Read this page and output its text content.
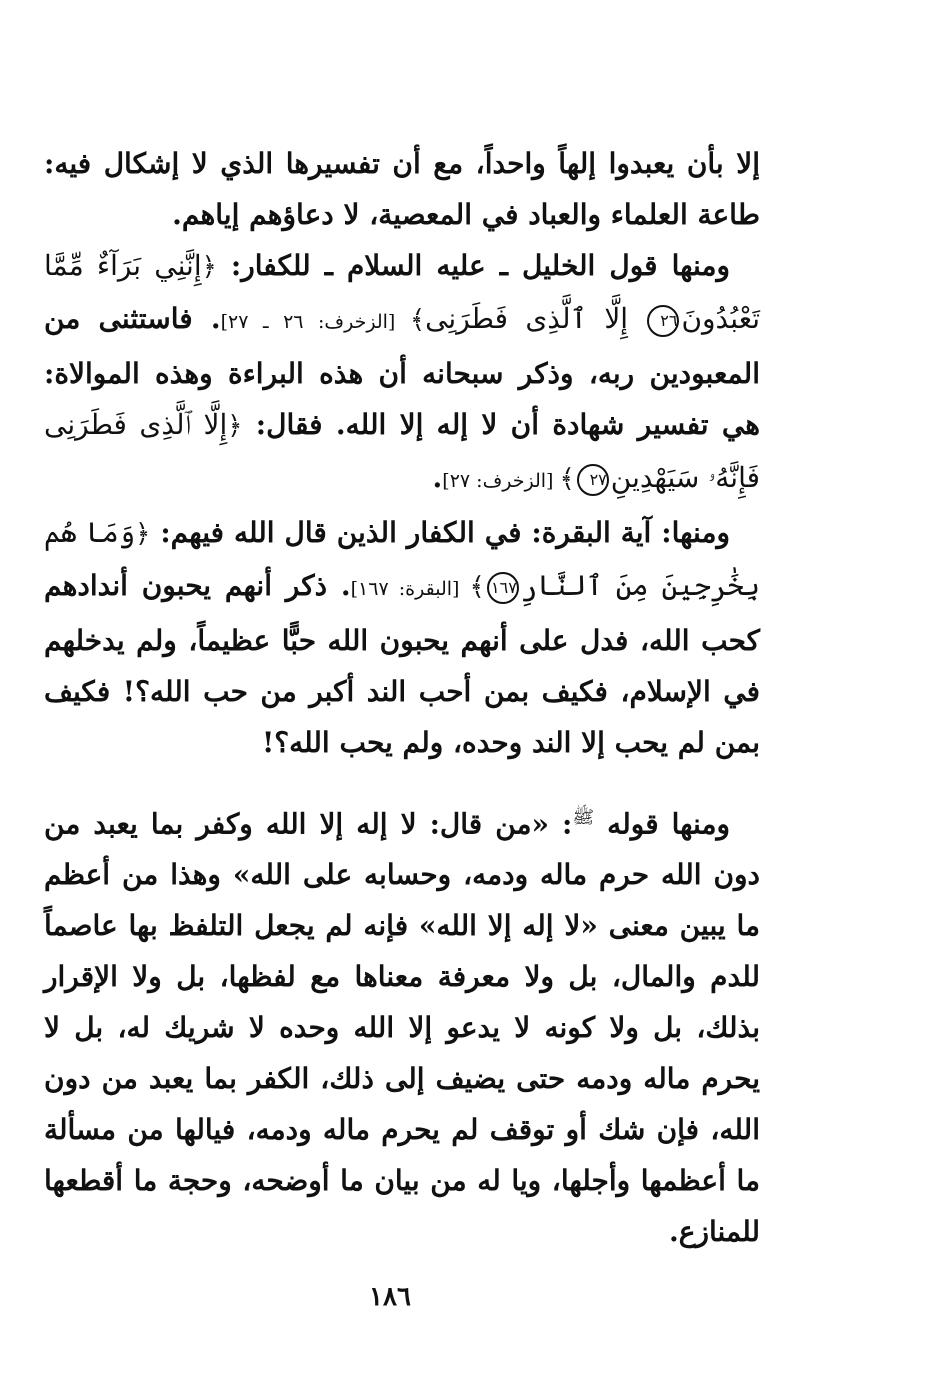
إلا بأن يعبدوا إلهاً واحداً، مع أن تفسيرها الذي لا إشكال فيه: طاعة العلماء والعباد في المعصية، لا دعاؤهم إياهم.

ومنها قول الخليل ـ عليه السلام ـ للكفار: ﴿إِنَّنِي بَرَآءٌ مِّمَّا تَعْبُدُونَ٢٦ إِلَّا ٱلَّذِى فَطَرَنِى﴾ [الزخرف: ٢٦ ـ ٢٧]. فاستثنى من المعبودين ربه، وذكر سبحانه أن هذه البراءة وهذه الموالاة: هي تفسير شهادة أن لا إله إلا الله. فقال: ﴿إِلَّا ٱلَّذِى فَطَرَنِى فَإِنَّهُۥ سَيَهْدِينِ٢٧﴾ [الزخرف: ٢٧].

ومنها: آية البقرة: في الكفار الذين قال الله فيهم: ﴿وَمَا هُم بِخَٰرِجِينَ مِنَ ٱلنَّارِ١٦٧﴾ [البقرة: ١٦٧]. ذكر أنهم يحبون أندادهم كحب الله، فدل على أنهم يحبون الله حبًّا عظيماً، ولم يدخلهم في الإسلام، فكيف بمن أحب الند أكبر من حب الله؟! فكيف بمن لم يحب إلا الند وحده، ولم يحب الله؟!

ومنها قوله $^ﷺ$: «من قال: لا إله إلا الله وكفر بما يعبد من دون الله حرم ماله ودمه، وحسابه على الله» وهذا من أعظم ما يبين معنى «لا إله إلا الله» فإنه لم يجعل التلفظ بها عاصماً للدم والمال، بل ولا معرفة معناها مع لفظها، بل ولا الإقرار بذلك، بل ولا كونه لا يدعو إلا الله وحده لا شريك له، بل لا يحرم ماله ودمه حتى يضيف إلى ذلك، الكفر بما يعبد من دون الله، فإن شك أو توقف لم يحرم ماله ودمه، فيالها من مسألة ما أعظمها وأجلها، ويا له من بيان ما أوضحه، وحجة ما أقطعها للمنازع.

١٨٦
